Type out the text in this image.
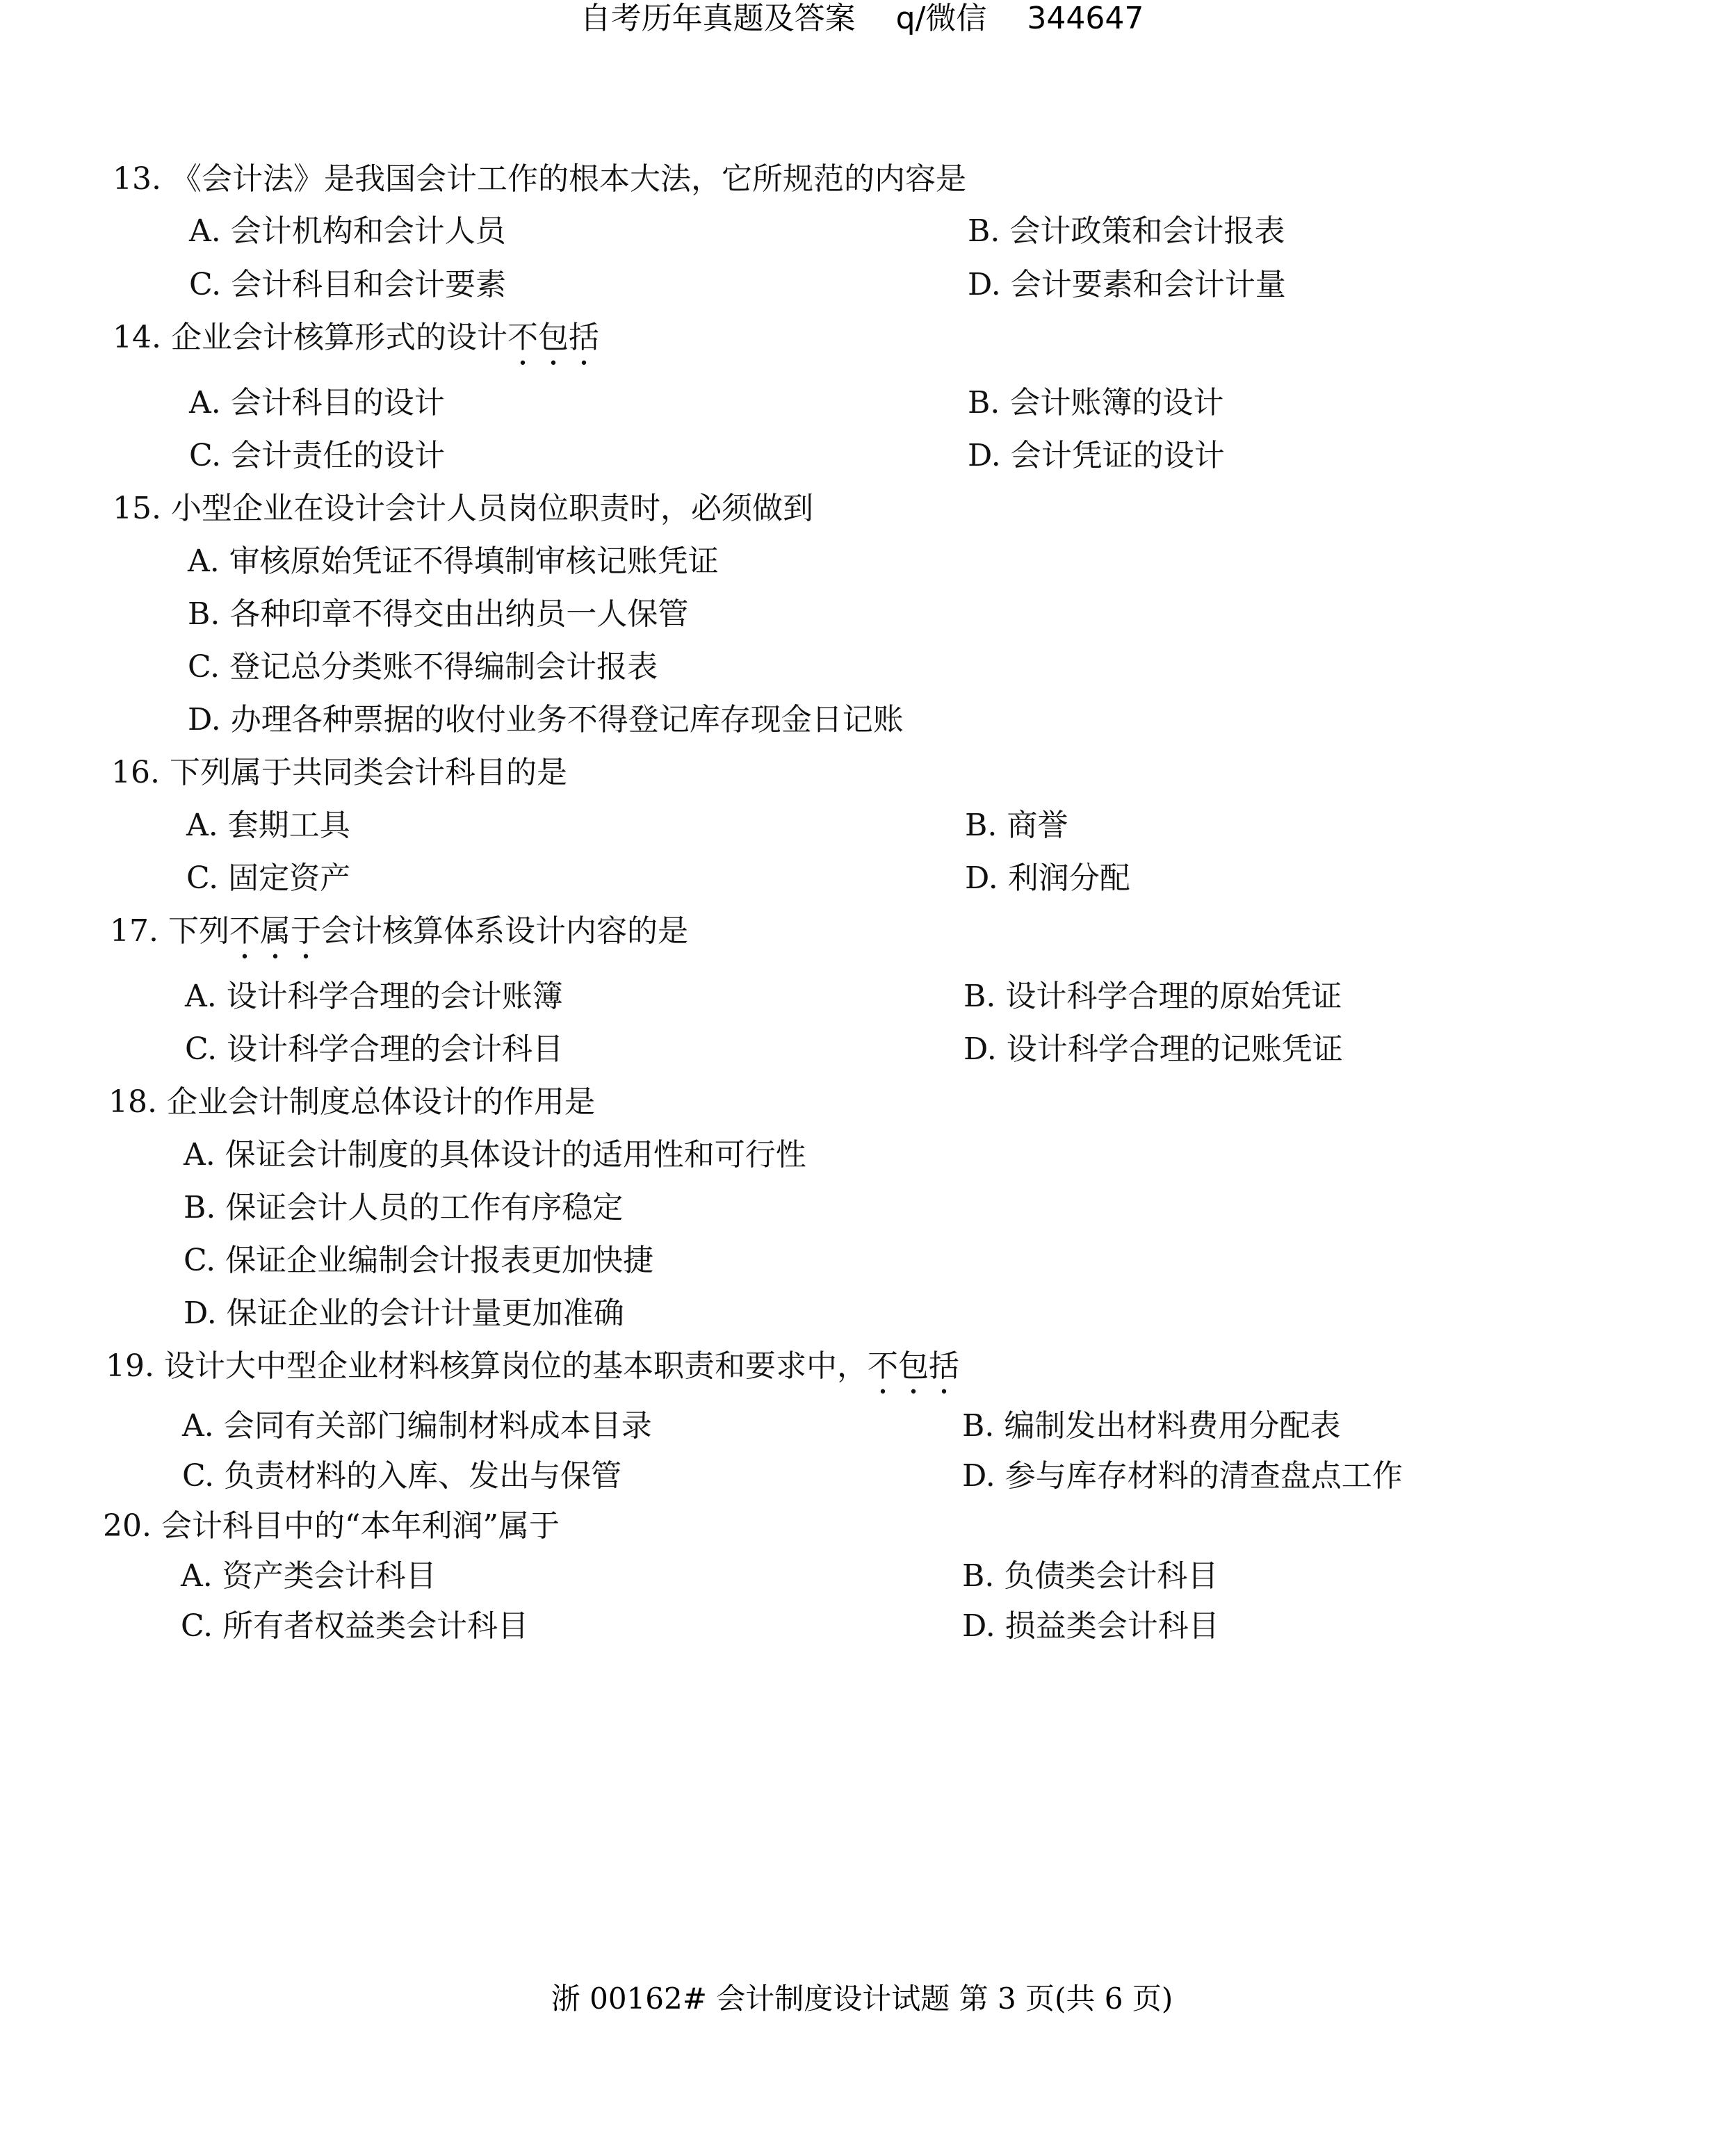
自考历年真题及答案 q/微信 344647
13. 《会计法》是我国会计工作的根本大法，它所规范的内容是
A. 会计机构和会计人员	B. 会计政策和会计报表
C. 会计科目和会计要素	D. 会计要素和会计计量
14. 企业会计核算形式的设计不包括
A. 会计科目的设计	B. 会计账簿的设计
C. 会计责任的设计	D. 会计凭证的设计
15. 小型企业在设计会计人员岗位职责时，必须做到
A. 审核原始凭证不得填制审核记账凭证
B. 各种印章不得交由出纳员一人保管
C. 登记总分类账不得编制会计报表
D. 办理各种票据的收付业务不得登记库存现金日记账
16. 下列属于共同类会计科目的是
A. 套期工具	B. 商誉
C. 固定资产	D. 利润分配
17. 下列不属于会计核算体系设计内容的是
A. 设计科学合理的会计账簿	B. 设计科学合理的原始凭证
C. 设计科学合理的会计科目	D. 设计科学合理的记账凭证
18. 企业会计制度总体设计的作用是
A. 保证会计制度的具体设计的适用性和可行性
B. 保证会计人员的工作有序稳定
C. 保证企业编制会计报表更加快捷
D. 保证企业的会计计量更加准确
19. 设计大中型企业材料核算岗位的基本职责和要求中，不包括
A. 会同有关部门编制材料成本目录	B. 编制发出材料费用分配表
C. 负责材料的入库、发出与保管	D. 参与库存材料的清查盘点工作
20. 会计科目中的“本年利润”属于
A. 资产类会计科目	B. 负债类会计科目
C. 所有者权益类会计科目	D. 损益类会计科目
浙 00162# 会计制度设计试题 第 3 页(共 6 页)
